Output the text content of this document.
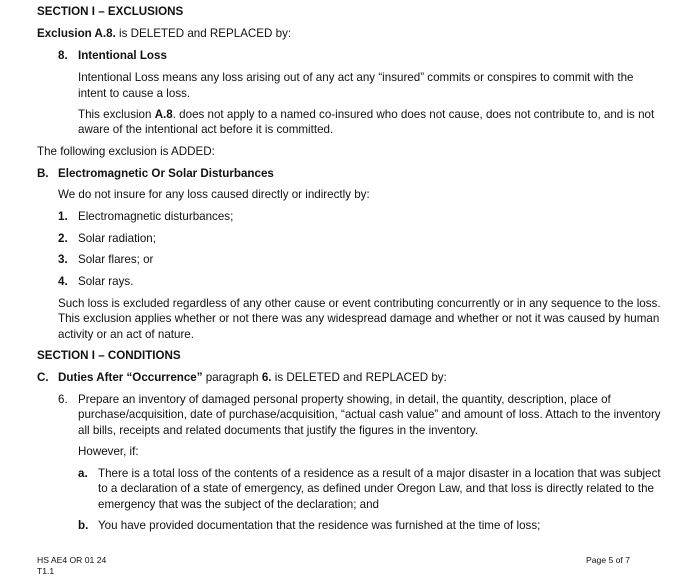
SECTION I – EXCLUSIONS
Exclusion A.8. is DELETED and REPLACED by:
8. Intentional Loss
Intentional Loss means any loss arising out of any act any “insured” commits or conspires to commit with the
intent to cause a loss.
This exclusion A.8. does not apply to a named co-insured who does not cause, does not contribute to, and is not
aware of the intentional act before it is committed.
The following exclusion is ADDED:
B. Electromagnetic Or Solar Disturbances
We do not insure for any loss caused directly or indirectly by:
1. Electromagnetic disturbances;
2. Solar radiation;
3. Solar flares; or
4. Solar rays.
Such loss is excluded regardless of any other cause or event contributing concurrently or in any sequence to the loss.
This exclusion applies whether or not there was any widespread damage and whether or not it was caused by human
activity or an act of nature.
SECTION I – CONDITIONS
C. Duties After “Occurrence” paragraph 6. is DELETED and REPLACED by:
6. Prepare an inventory of damaged personal property showing, in detail, the quantity, description, place of
purchase/acquisition, date of purchase/acquisition, “actual cash value” and amount of loss. Attach to the inventory
all bills, receipts and related documents that justify the figures in the inventory.
However, if:
a. There is a total loss of the contents of a residence as a result of a major disaster in a location that was subject
to a declaration of a state of emergency, as defined under Oregon Law, and that loss is directly related to the
emergency that was the subject of the declaration; and
b. You have provided documentation that the residence was furnished at the time of loss;
HS AE4 OR 01 24
T1.1
Page 5 of 7
